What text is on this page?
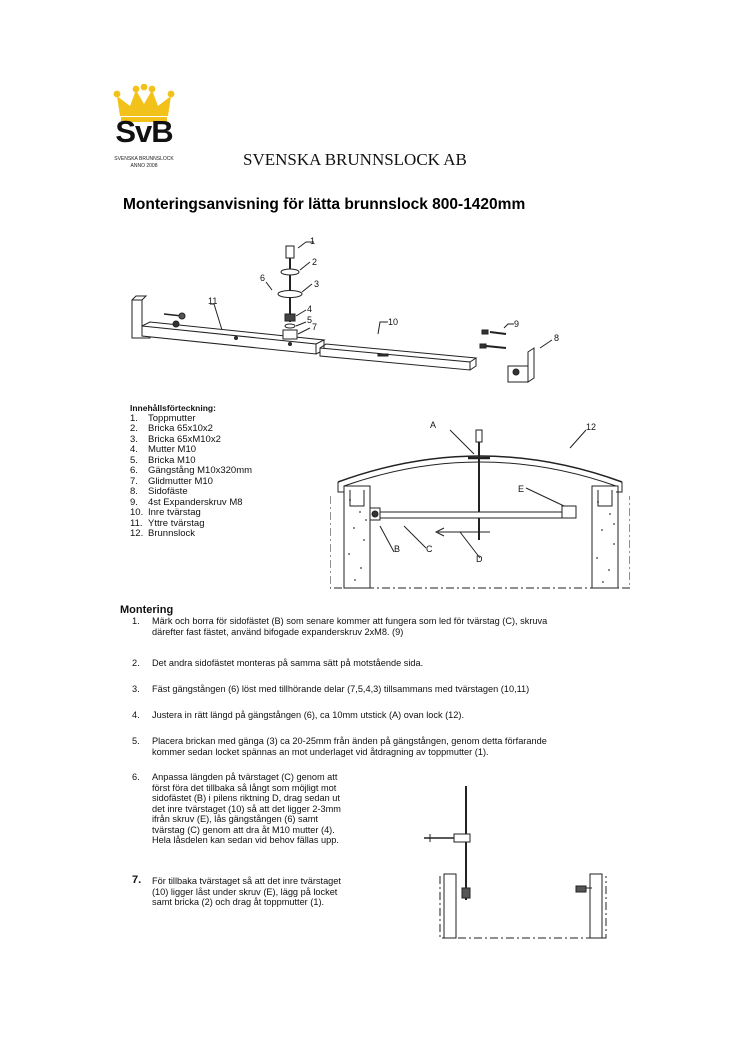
SvB
SVENSKA BRUNNSLOCK
ANNO 2008	SVENSKA BRUNNSLOCK AB
Monteringsanvisning för lätta brunnslock 800-1420mm
1
2
3
4
5
6
7
8
9
10
11
Innehållsförteckning:
1.	Toppmutter
2.	Bricka 65x10x2
3.	Bricka 65xM10x2
4.	Mutter M10
5.	Bricka M10
6.	Gängstång M10x320mm
7.	Glidmutter M10
8.	Sidofäste
9.	4st Expanderskruv M8
10. Inre tvärstag
11. Yttre tvärstag
12. Brunnslock
A
B	C
D
E
12
Montering
1. Märk och borra för sidofästet (B) som senare kommer att fungera som led för tvärstag (C), skruva
därefter fast fästet, använd bifogade expanderskruv 2xM8. (9)
2. Det andra sidofästet monteras på samma sätt på motstående sida.
3. Fäst gängstången (6) löst med tillhörande delar (7,5,4,3) tillsammans med tvärstagen (10,11)
4. Justera in rätt längd på gängstången (6), ca 10mm utstick (A) ovan lock (12).
5. Placera brickan med gänga (3) ca 20-25mm från änden på gängstången, genom detta förfarande
kommer sedan locket spännas an mot underlaget vid åtdragning av toppmutter (1).
6. Anpassa längden på tvärstaget (C) genom att
först föra det tillbaka så långt som möjligt mot
sidofästet (B) i pilens riktning D, drag sedan ut
det inre tvärstaget (10) så att det ligger 2-3mm
ifrån skruv (E), lås gängstången (6) samt
tvärstag (C) genom att dra åt M10 mutter (4).
Hela låsdelen kan sedan vid behov fällas upp.
7. För tillbaka tvärstaget så att det inre tvärstaget
(10) ligger låst under skruv (E), lägg på locket
samt bricka (2) och drag åt toppmutter (1).
